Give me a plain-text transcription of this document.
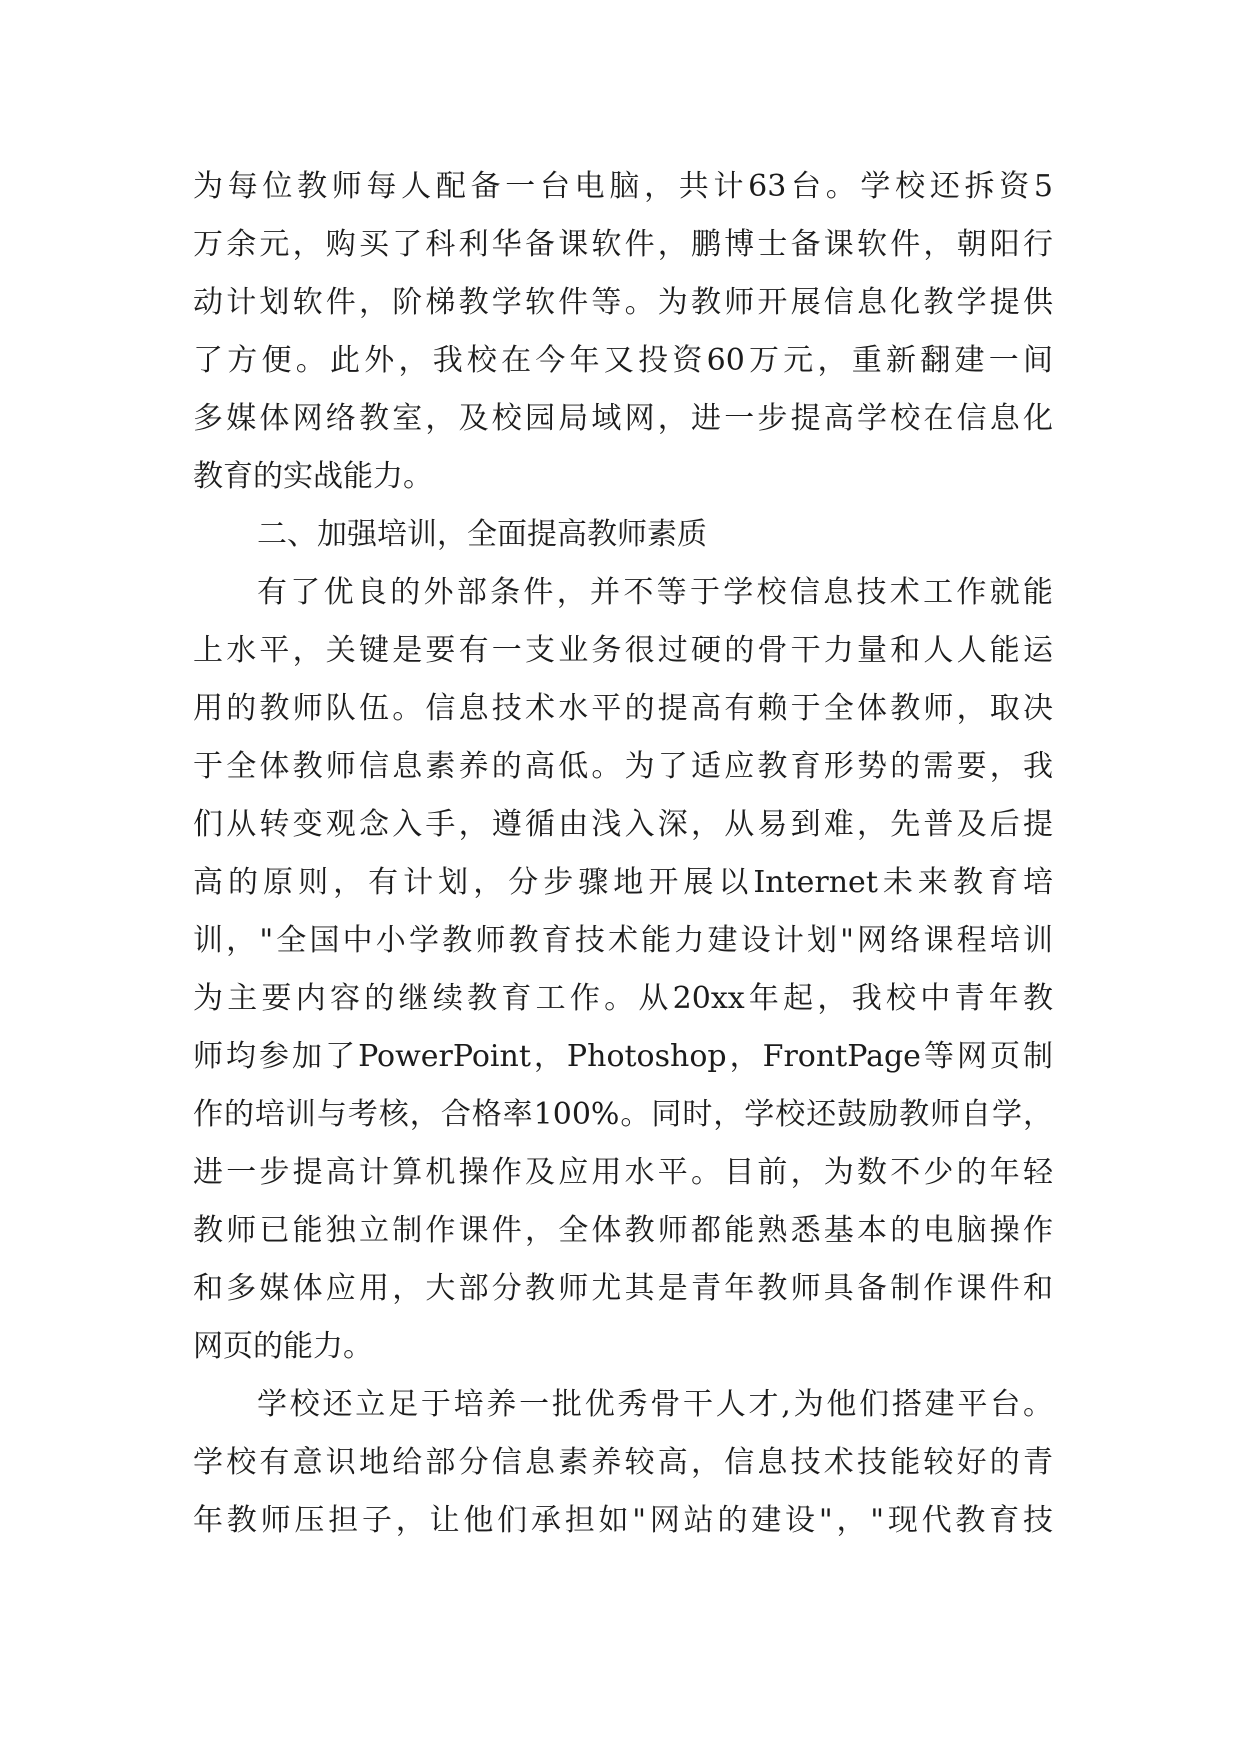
为每位教师每人配备一台电脑，共计63台。学校还拆资5
万余元，购买了科利华备课软件，鹏博士备课软件，朝阳行
动计划软件，阶梯教学软件等。为教师开展信息化教学提供
了方便。此外，我校在今年又投资60万元，重新翻建一间
多媒体网络教室，及校园局域网，进一步提高学校在信息化
教育的实战能力。
二、加强培训，全面提高教师素质
有了优良的外部条件，并不等于学校信息技术工作就能
上水平，关键是要有一支业务很过硬的骨干力量和人人能运
用的教师队伍。信息技术水平的提高有赖于全体教师，取决
于全体教师信息素养的高低。为了适应教育形势的需要，我
们从转变观念入手，遵循由浅入深，从易到难，先普及后提
高的原则，有计划，分步骤地开展以Internet未来教育培
训，"全国中小学教师教育技术能力建设计划"网络课程培训
为主要内容的继续教育工作。从20xx年起，我校中青年教
师均参加了PowerPoint，Photoshop，FrontPage等网页制
作的培训与考核，合格率100%。同时，学校还鼓励教师自学，
进一步提高计算机操作及应用水平。目前，为数不少的年轻
教师已能独立制作课件，全体教师都能熟悉基本的电脑操作
和多媒体应用，大部分教师尤其是青年教师具备制作课件和
网页的能力。
学校还立足于培养一批优秀骨干人才,为他们搭建平台。
学校有意识地给部分信息素养较高，信息技术技能较好的青
年教师压担子，让他们承担如"网站的建设"，"现代教育技
